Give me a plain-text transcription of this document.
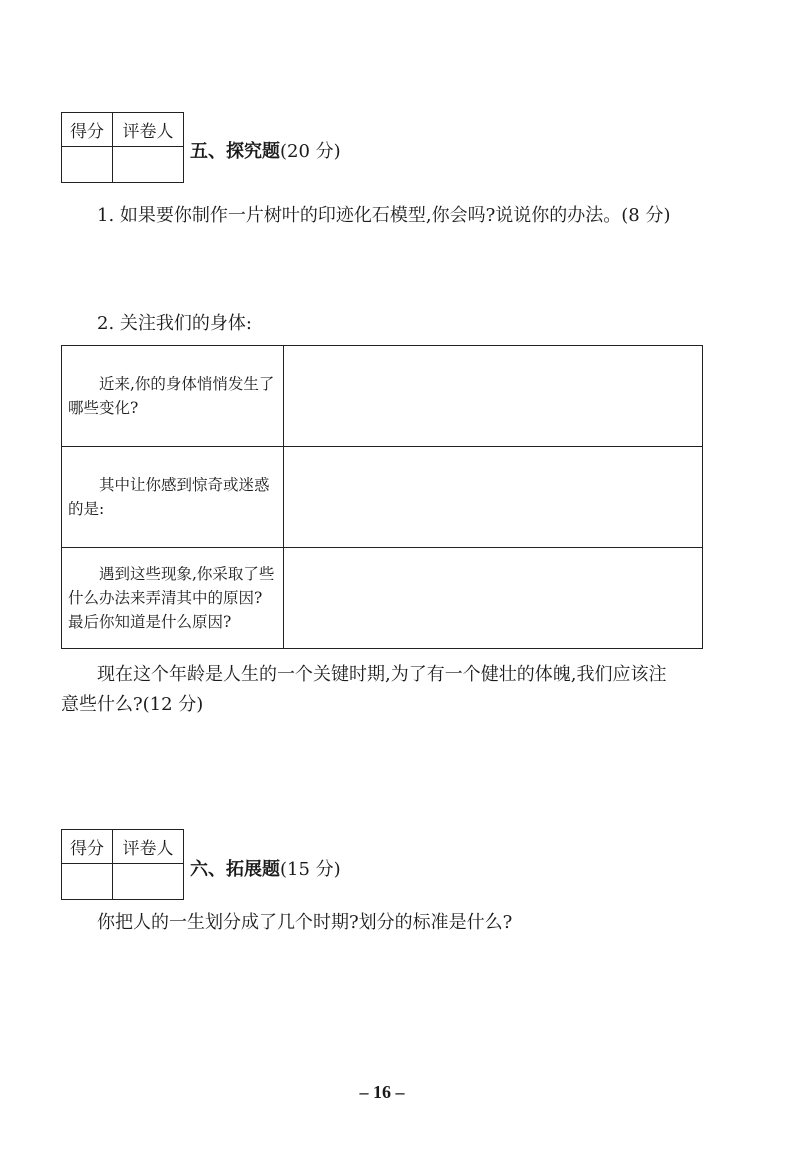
得分	评卷人

五、探究题(20 分)
1. 如果要你制作一片树叶的印迹化石模型,你会吗?说说你的办法。(8 分)
2. 关注我们的身体:
近来,你的身体悄悄发生了哪些变化?	

其中让你感到惊奇或迷惑的是:	

遇到这些现象,你采取了些什么办法来弄清其中的原因?最后你知道是什么原因?	

现在这个年龄是人生的一个关键时期,为了有一个健壮的体魄,我们应该注
意些什么?(12 分)
得分	评卷人

六、拓展题(15 分)
你把人的一生划分成了几个时期?划分的标准是什么?
– 16 –
